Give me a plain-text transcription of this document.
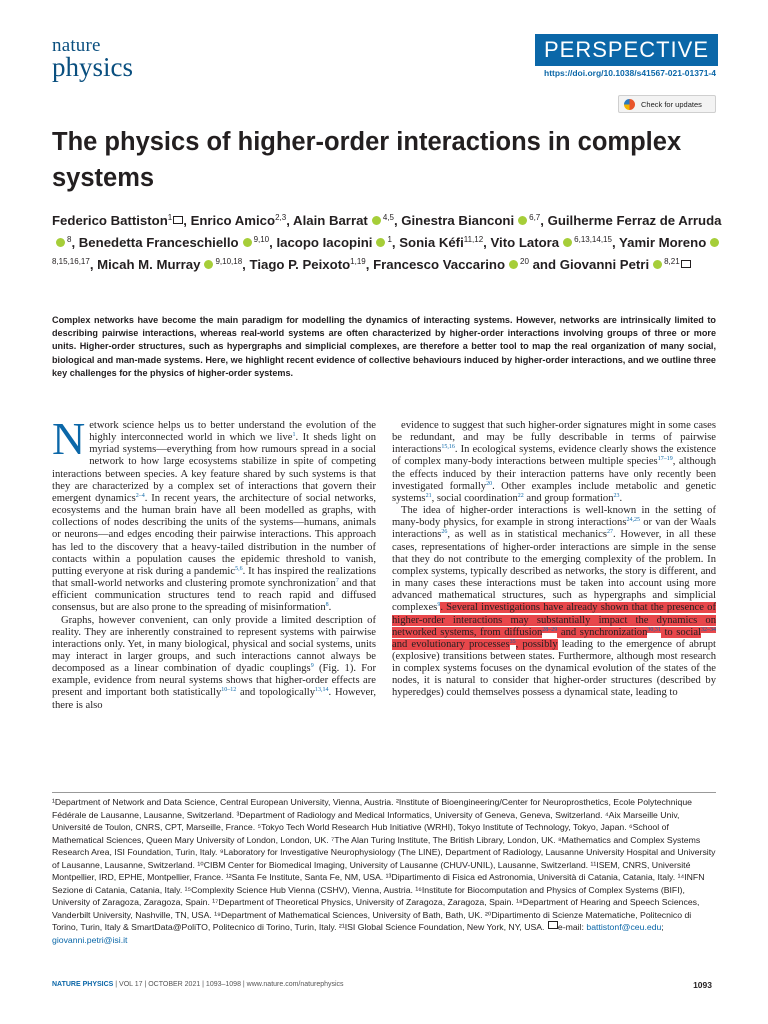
nature
physics
PERSPECTIVE
https://doi.org/10.1038/s41567-021-01371-4
Check for updates
The physics of higher-order interactions in complex systems
Federico Battiston$^1$ , Enrico Amico$^{2,3}$, Alain Barrat $^{4,5}$, Ginestra Bianconi $^{6,7}$, Guilherme Ferraz de Arruda$^8$, Benedetta Franceschiello $^{9,10}$, Iacopo Iacopini $^1$, Sonia Kéfi$^{11,12}$, Vito Latora $^{6,13,14,15}$, Yamir Moreno$^{8,15,16,17}$, Micah M. Murray $^{9,10,18}$, Tiago P. Peixoto$^{1,19}$, Francesco Vaccarino $^{20}$ and Giovanni Petri $^{8,21}$
Complex networks have become the main paradigm for modelling the dynamics of interacting systems. However, networks are intrinsically limited to describing pairwise interactions, whereas real-world systems are often characterized by higher-order interactions involving groups of three or more units. Higher-order structures, such as hypergraphs and simplicial complexes, are therefore a better tool to map the real organization of many social, biological and man-made systems. Here, we highlight recent evidence of collective behaviours induced by higher-order interactions, and we outline three key challenges for the physics of higher-order systems.

Network science helps us to better understand the evolution of the highly interconnected world in which we live$^1$. It sheds light on myriad systems—everything from how rumours spread in a social network to how large ecosystems stabilize in spite of competing interactions between species. A key feature shared by such systems is that they are characterized by a complex set of interactions that govern their emergent dynamics$^{2-4}$. In recent years, the architecture of social networks, ecosystems and the human brain have all been modelled as graphs, with collections of nodes describing the units of the systems—humans, animals or neurons—and edges encoding their pairwise interactions. This approach has led to the discovery that a heavy-tailed distribution in the number of contacts within a population causes the epidemic threshold to vanish, putting everyone at risk during a pandemic$^{5,6}$. It has inspired the realizations that small-world networks and clustering promote synchronization$^7$ and that efficient communication structures tend to reach rapid and diffused consensus, but are also prone to the spreading of misinformation$^8$.

Graphs, however convenient, can only provide a limited description of reality. They are inherently constrained to represent systems with pairwise interactions only. Yet, in many biological, physical and social systems, units may interact in larger groups, and such interactions cannot always be decomposed as a linear combination of dyadic couplings$^9$ (Fig. 1). For example, evidence from neural systems shows that higher-order effects are present and important both statistically$^{10-12}$ and topologically$^{13,14}$. However, there is also

evidence to suggest that such higher-order signatures might in some cases be redundant, and may be fully describable in terms of pairwise interactions$^{15,16}$. In ecological systems, evidence clearly shows the existence of complex many-body interactions between multiple species$^{17-19}$, although the effects induced by their interaction patterns have only recently been investigated formally$^{20}$. Other examples include metabolic and genetic systems$^{21}$, social coordination$^{22}$ and group formation$^{23}$.

The idea of higher-order interactions is well-known in the setting of many-body physics, for example in strong interactions$^{24,25}$ or van der Waals interactions$^{26}$, as well as in statistical mechanics$^{27}$. However, in all these cases, representations of higher-order interactions are simple in the sense that they do not contribute to the emerging complexity of the problem. In complex systems, typically described as networks, the story is different, and in many cases these interactions must be taken into account using more advanced mathematical structures, such as hypergraphs and simplicial complexes$^9$. Several investigations have already shown that the presence of higher-order interactions may substantially impact the dynamics on networked systems, from diffusion$^{28-29}$ and synchronization$^{30,31}$ to social$^{32-34}$ and evolutionary processes$^{35}$, possibly leading to the emergence of abrupt (explosive) transitions between states. Furthermore, although most research in complex systems focuses on the dynamical evolution of the states of the nodes, it is natural to consider that higher-order structures (described by hyperedges) could themselves possess a dynamical state, leading to

¹Department of Network and Data Science, Central European University, Vienna, Austria. ²Institute of Bioengineering/Center for Neuroprosthetics, Ecole Polytechnique Fédérale de Lausanne, Lausanne, Switzerland. ³Department of Radiology and Medical Informatics, University of Geneva, Geneva, Switzerland. ⁴Aix Marseille Univ, Université de Toulon, CNRS, CPT, Marseille, France. ⁵Tokyo Tech World Research Hub Initiative (WRHI), Tokyo Institute of Technology, Tokyo, Japan. ⁶School of Mathematical Sciences, Queen Mary University of London, London, UK. ⁷The Alan Turing Institute, The British Library, London, UK. ⁸Mathematics and Complex Systems Research Area, ISI Foundation, Turin, Italy. ⁹Laboratory for Investigative Neurophysiology (The LINE), Department of Radiology, Lausanne University Hospital and University of Lausanne, Lausanne, Switzerland. ¹⁰CIBM Center for Biomedical Imaging, University of Lausanne (CHUV-UNIL), Lausanne, Switzerland. ¹¹ISEM, CNRS, Université Montpellier, IRD, EPHE, Montpellier, France. ¹²Santa Fe Institute, Santa Fe, NM, USA. ¹³Dipartimento di Fisica ed Astronomia, Università di Catania, Catania, Italy. ¹⁴INFN Sezione di Catania, Catania, Italy. ¹⁵Complexity Science Hub Vienna (CSHV), Vienna, Austria. ¹⁶Institute for Biocomputation and Physics of Complex Systems (BIFI), University of Zaragoza, Zaragoza, Spain. ¹⁷Department of Theoretical Physics, University of Zaragoza, Zaragoza, Spain. ¹⁸Department of Hearing and Speech Sciences, Vanderbilt University, Nashville, TN, USA. ¹⁹Department of Mathematical Sciences, University of Bath, Bath, UK. ²⁰Dipartimento di Scienze Matematiche, Politecnico di Torino, Turin, Italy & SmartData@PoliTO, Politecnico di Torino, Turin, Italy. ²¹ISI Global Science Foundation, New York, NY, USA. e-mail: battistonf@ceu.edu; giovanni.petri@isi.it
NATURE PHYSICS | VOL 17 | OCTOBER 2021 | 1093–1098 | www.nature.com/naturephysics	1093
